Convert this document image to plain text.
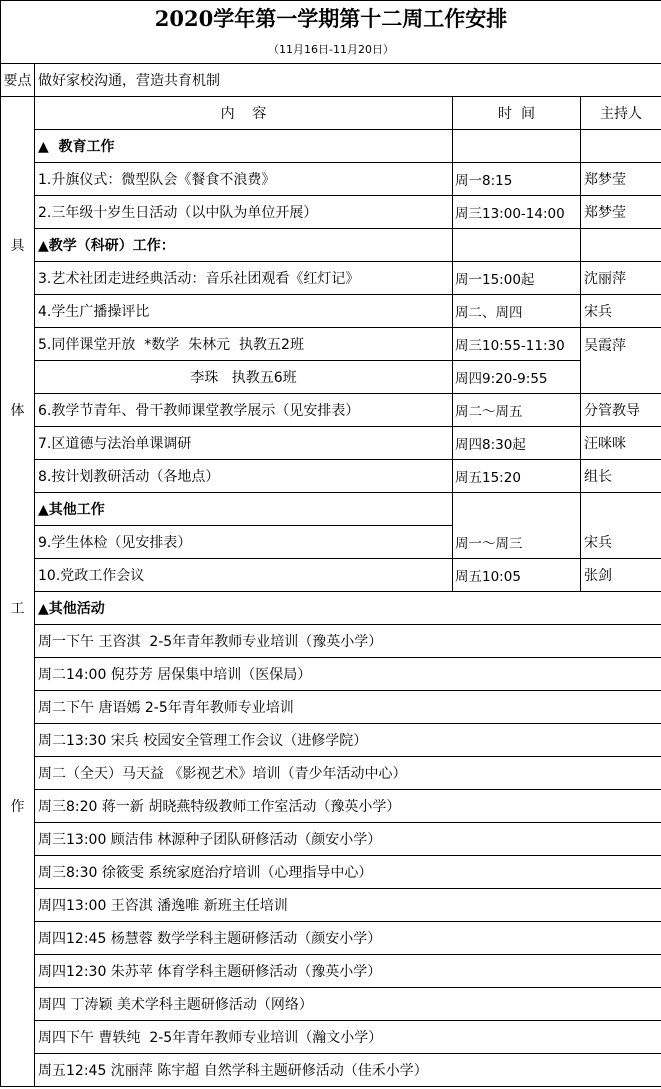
2020学年第一学期第十二周工作安排			
（11月16日-11月20日）			
要点	做好家校沟通，营造共育机制		
	内    容	时  间	主持人
	▲  教育工作		
	1.升旗仪式：微型队会《餐食不浪费》	周一8:15	郑梦莹
	2.三年级十岁生日活动（以中队为单位开展）	周三13:00-14:00	郑梦莹
具	▲教学（科研）工作：		
	3.艺术社团走进经典活动：音乐社团观看《红灯记》	周一15:00起	沈丽萍
	4.学生广播操评比	周二、周四	宋兵
	5.同伴课堂开放  *数学  朱林元  执教五2班	周三10:55-11:30	吴霞萍
	李珠   执教五6班	周四9:20-9:55	
体	6.教学节青年、骨干教师课堂教学展示（见安排表）	周二～周五	分管教导
	7.区道德与法治单课调研	周四8:30起	汪咪咪
	8.按计划教研活动（各地点）	周五15:20	组长
	▲其他工作		
	9.学生体检（见安排表）	周一～周三	宋兵
	10.党政工作会议	周五10:05	张剑
工	▲其他活动		
	周一下午 王咨淇  2-5年青年教师专业培训（豫英小学）		
	周二14:00 倪芬芳 居保集中培训（医保局）		
	周二下午 唐语嫣 2-5年青年教师专业培训		
	周二13:30 宋兵 校园安全管理工作会议（进修学院）		
	周二（全天）马天益 《影视艺术》培训（青少年活动中心）		
作	周三8:20 蒋一新 胡晓燕特级教师工作室活动（豫英小学）		
	周三13:00 顾洁伟 林源种子团队研修活动（颜安小学）		
	周三8:30 徐筱雯 系统家庭治疗培训（心理指导中心）		
	周四13:00 王咨淇 潘逸唯 新班主任培训		
	周四12:45 杨慧蓉 数学学科主题研修活动（颜安小学）		
	周四12:30 朱苏苹 体育学科主题研修活动（豫英小学）		
	周四 丁涛颖 美术学科主题研修活动（网络）		
	周四下午 曹轶纯  2-5年青年教师专业培训（瀚文小学）		
	周五12:45 沈丽萍 陈宇超 自然学科主题研修活动（佳禾小学）		
